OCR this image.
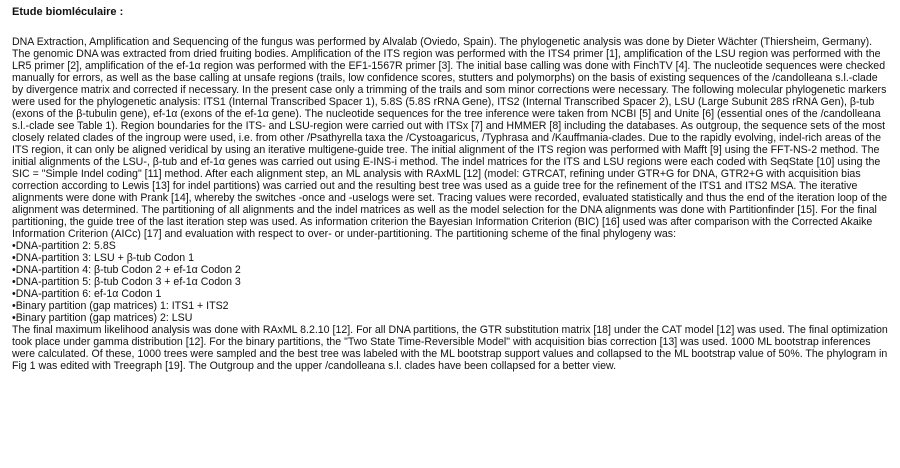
Etude biomléculaire :

DNA Extraction, Amplification and Sequencing of the fungus was performed by Alvalab (Oviedo, Spain). The phylogenetic analysis was done by Dieter Wächter (Thiersheim, Germany). The genomic DNA was extracted from dried fruiting bodies. Amplification of the ITS region was performed with the ITS4 primer [1], amplification of the LSU region was performed with the LR5 primer [2], amplification of the ef-1α region was performed with the EF1-1567R primer [3]. The initial base calling was done with FinchTV [4]. The nucleotide sequences were checked manually for errors, as well as the base calling at unsafe regions (trails, low confidence scores, stutters and polymorphs) on the basis of existing sequences of the /candolleana s.l.-clade by divergence matrix and corrected if necessary. In the present case only a trimming of the trails and som minor corrections were necessary. The following molecular phylogenetic markers were used for the phylogenetic analysis: ITS1 (Internal Transcribed Spacer 1), 5.8S (5.8S rRNA Gene), ITS2 (Internal Transcribed Spacer 2), LSU (Large Subunit 28S rRNA Gen), β-tub (exons of the β-tubulin gene), ef-1α (exons of the ef-1α gene). The nucleotide sequences for the tree inference were taken from NCBI [5] and Unite [6] (essential ones of the /candolleana s.l.-clade see Table 1). Region boundaries for the ITS- and LSU-region were carried out with ITSx [7] and HMMER [8] including the databases. As outgroup, the sequence sets of the most closely related clades of the ingroup were used, i.e. from other /Psathyrella taxa the /Cystoagaricus, /Typhrasa and /Kauffmania-clades. Due to the rapidly evolving, indel-rich areas of the ITS region, it can only be aligned veridical by using an iterative multigene-guide tree. The initial alignment of the ITS region was performed with Mafft [9] using the FFT-NS-2 method. The initial alignments of the LSU-, β-tub and ef-1α genes was carried out using E-INS-i method. The indel matrices for the ITS and LSU regions were each coded with SeqState [10] using the SIC = "Simple Indel coding" [11] method. After each alignment step, an ML analysis with RAxML [12] (model: GTRCAT, refining under GTR+G for DNA, GTR2+G with acquisition bias correction according to Lewis [13] for indel partitions) was carried out and the resulting best tree was used as a guide tree for the refinement of the ITS1 and ITS2 MSA. The iterative alignments were done with Prank [14], whereby the switches -once and -uselogs were set. Tracing values were recorded, evaluated statistically and thus the end of the iteration loop of the alignment was determined. The partitioning of all alignments and the indel matrices as well as the model selection for the DNA alignments was done with Partitionfinder [15]. For the final partitioning, the guide tree of the last iteration step was used. As information criterion the Bayesian Information Criterion (BIC) [16] used was after comparison with the Corrected Akaike Information Criterion (AICc) [17] and evaluation with respect to over- or under-partitioning. The partitioning scheme of the final phylogeny was:

•DNA-partition 2: 5.8S
•DNA-partition 3: LSU + β-tub Codon 1
•DNA-partition 4: β-tub Codon 2 + ef-1α Codon 2
•DNA-partition 5: β-tub Codon 3 + ef-1α Codon 3
•DNA-partition 6: ef-1α Codon 1
•Binary partition (gap matrices) 1: ITS1 + ITS2
•Binary partition (gap matrices) 2: LSU

The final maximum likelihood analysis was done with RAxML 8.2.10 [12]. For all DNA partitions, the GTR substitution matrix [18] under the CAT model [12] was used. The final optimization took place under gamma distribution [12]. For the binary partitions, the "Two State Time-Reversible Model" with acquisition bias correction [13] was used. 1000 ML bootstrap inferences were calculated. Of these, 1000 trees were sampled and the best tree was labeled with the ML bootstrap support values and collapsed to the ML bootstrap value of 50%. The phylogram in Fig 1 was edited with Treegraph [19]. The Outgroup and the upper /candolleana s.l. clades have been collapsed for a better view.
